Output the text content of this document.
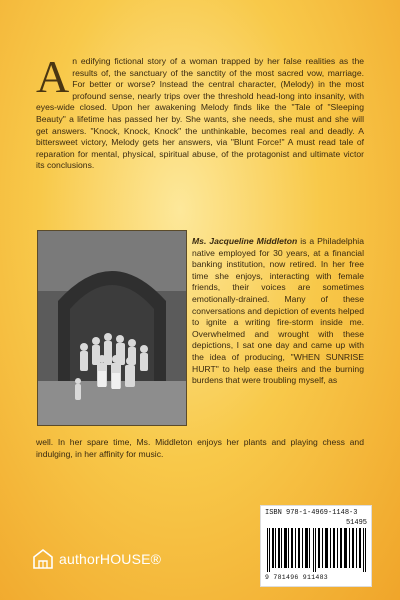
A n edifying fictional story of a woman trapped by her false realities as the results of, the sanctuary of the sanctity of the most sacred vow, marriage. For better or worse? Instead the central character, (Melody) in the most profound sense, nearly trips over the threshold head-long into insanity, with eyes-wide closed. Upon her awakening Melody finds like the "Tale of "Sleeping Beauty" a lifetime has passed her by. She wants, she needs, she must and she will get answers. "Knock, Knock, Knock" the unthinkable, becomes real and deadly. A bittersweet victory, Melody gets her answers, via "Blunt Force!" A must read tale of reparation for mental, physical, spiritual abuse, of the protagonist and ultimate victor its conclusions.
Ms. Jacqueline Middleton is a Philadelphia native employed for 30 years, at a financial banking institution, now retired. In her free time she enjoys, interacting with female friends, their voices are sometimes emotionally-drained. Many of these conversations and depiction of events helped to ignite a writing fire-storm inside me. Overwhelmed and wrought with these depictions, I sat one day and came up with the idea of producing, "WHEN SUNRISE HURT" to help ease theirs and the burning burdens that were troubling myself, as
well. In her spare time, Ms. Middleton enjoys her plants and playing chess and indulging, in her affinity for music.
ISBN 978-1-4969-1148-3
51495
9 781496 911483
authorHOUSE®
